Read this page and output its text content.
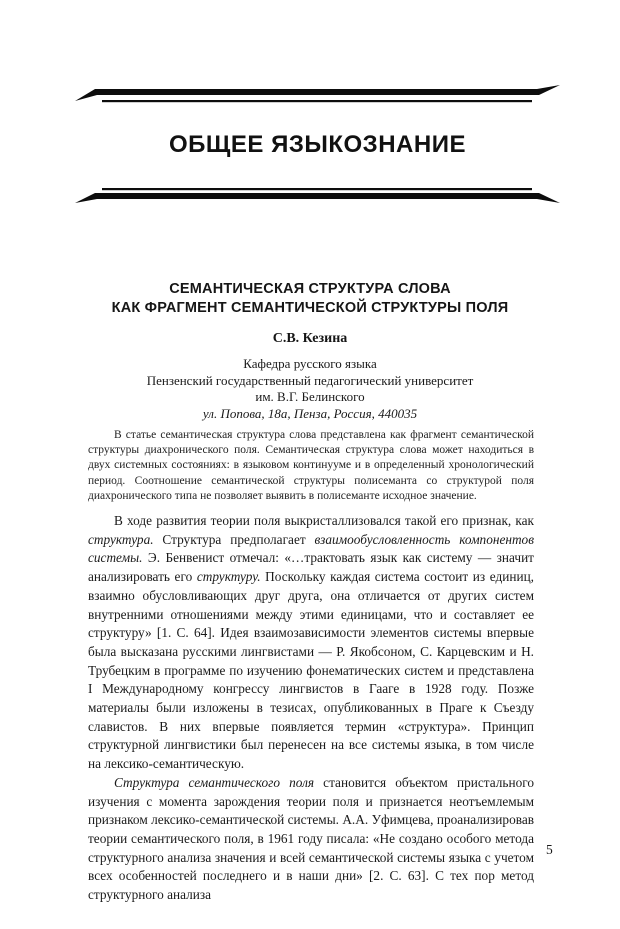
ОБЩЕЕ ЯЗЫКОЗНАНИЕ
СЕМАНТИЧЕСКАЯ СТРУКТУРА СЛОВА
КАК ФРАГМЕНТ СЕМАНТИЧЕСКОЙ СТРУКТУРЫ ПОЛЯ
С.В. Кезина
Кафедра русского языка
Пензенский государственный педагогический университет
им. В.Г. Белинского
ул. Попова, 18а, Пенза, Россия, 440035

В статье семантическая структура слова представлена как фрагмент семантической структуры диахронического поля. Семантическая структура слова может находиться в двух системных состояниях: в языковом континууме и в определенный хронологический период. Соотношение семантической структуры полисеманта со структурой поля диахронического типа не позволяет выявить в полисеманте исходное значение.

В ходе развития теории поля выкристаллизовался такой его признак, как структура. Структура предполагает взаимообусловленность компонентов системы. Э. Бенвенист отмечал: «…трактовать язык как систему — значит анализировать его структуру. Поскольку каждая система состоит из единиц, взаимно обусловливающих друг друга, она отличается от других систем внутренними отношениями между этими единицами, что и составляет ее структуру» [1. С. 64]. Идея взаимозависимости элементов системы впервые была высказана русскими лингвистами — Р. Якобсоном, С. Карцевским и Н. Трубецким в программе по изучению фонематических систем и представлена I Международному конгрессу лингвистов в Гааге в 1928 году. Позже материалы были изложены в тезисах, опубликованных в Праге к Съезду славистов. В них впервые появляется термин «структура». Принцип структурной лингвистики был перенесен на все системы языка, в том числе на лексико-семантическую.

Структура семантического поля становится объектом пристального изучения с момента зарождения теории поля и признается неотъемлемым признаком лексико-семантической системы. А.А. Уфимцева, проанализировав теории семантического поля, в 1961 году писала: «Не создано особого метода структурного анализа значения и всей семантической системы языка с учетом всех особенностей последнего и в наши дни» [2. С. 63]. С тех пор метод структурного анализа

5
